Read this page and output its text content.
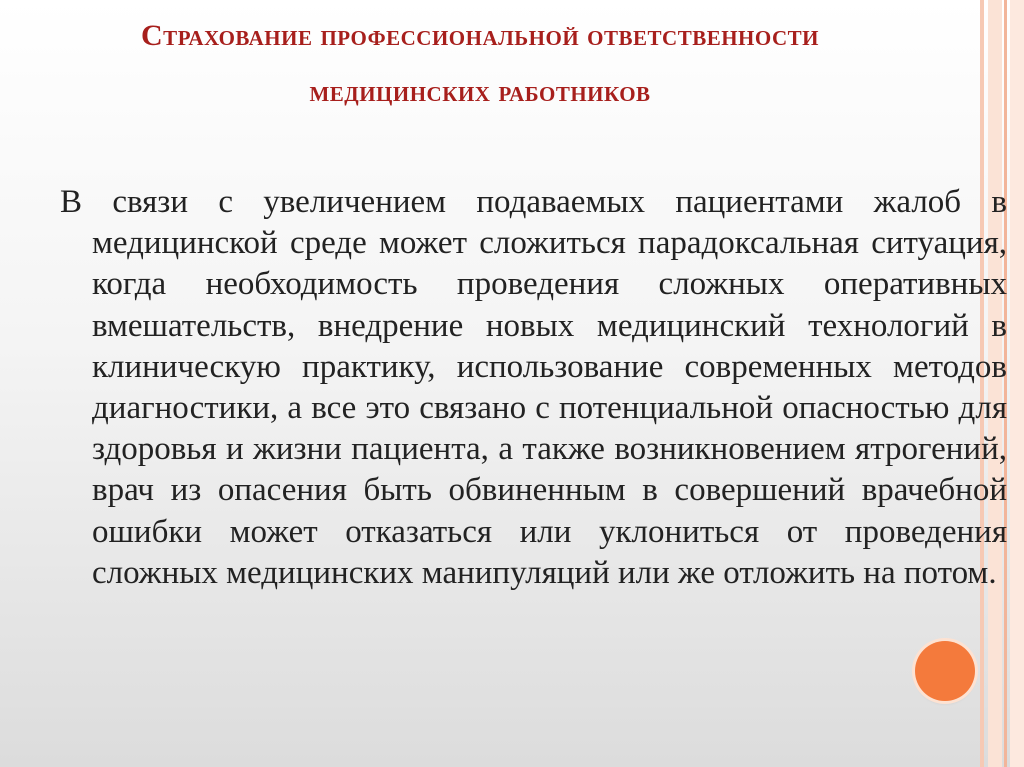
Страхование профессиональной ответственности медицинских работников
В связи с увеличением подаваемых пациентами жалоб в медицинской среде может сложиться парадоксальная ситуация, когда необходимость проведения сложных оперативных вмешательств, внедрение новых медицинский технологий в клиническую практику, использование современных методов диагностики, а все это связано с потенциальной опасностью для здоровья и жизни пациента, а также возникновением ятрогений, врач из опасения быть обвиненным в совершений врачебной ошибки может отказаться или уклониться от проведения сложных медицинских манипуляций или же отложить на потом.
